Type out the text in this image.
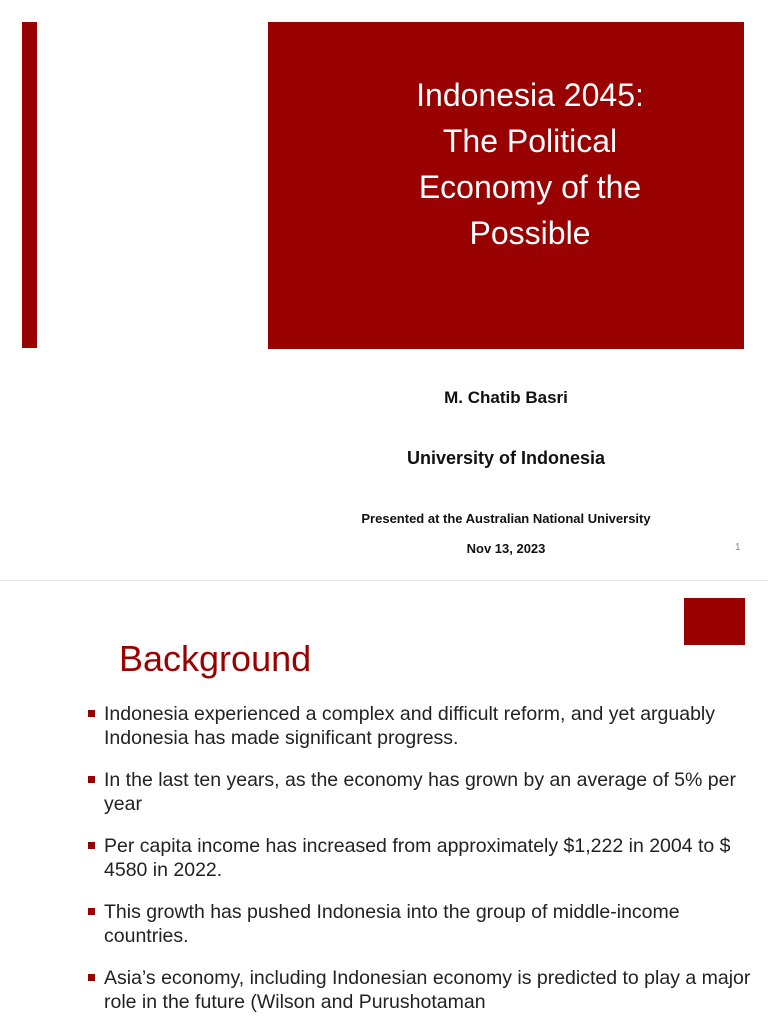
Indonesia 2045:
The Political
Economy of the
Possible
M. Chatib Basri
University of Indonesia
Presented at the Australian National University
Nov 13, 2023	1
Background
Indonesia experienced a complex and difficult reform, and yet arguably Indonesia has made significant progress.
In the last ten years, as the economy has grown by an average of 5% per year
Per capita income has increased from approximately $1,222 in 2004 to $ 4580 in 2022.
This growth has pushed Indonesia into the group of middle-income countries.
Asia’s economy, including Indonesian economy is predicted to play a major role in the future (Wilson and Purushotaman
